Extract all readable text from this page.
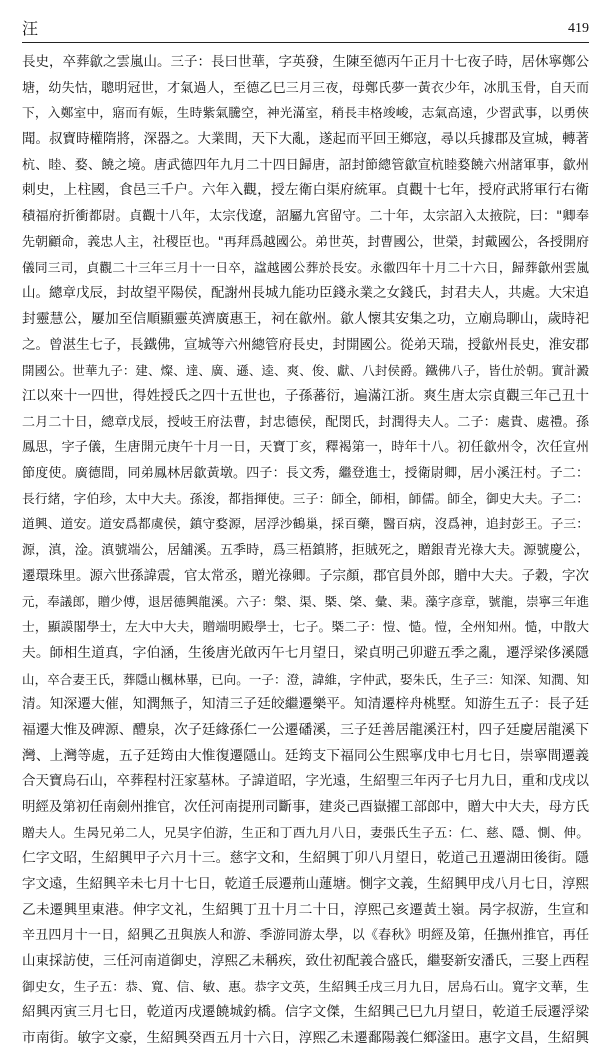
汪	419
長史，卒葬歙之雲嵐山。三子：長曰世華，字英發，生陳至德丙午正月十七夜子時，居休寧鄭公
塘，幼失怙，聰明冠世，才氣過人，至德乙巳三月三夜，母鄭氏夢一黃衣少年，冰肌玉骨，自天而
下，入鄭室中，寤而有娠，生時紫氣騰空，神光滿室，稍長丰格竣峻，志氣高遠，少習武事，以勇俠
聞。叔寶時權隋將，深器之。大業間，天下大亂，遂起而平回王鄉寇，尋以兵據郡及宣城，轉著
杭、睦、婺、饒之境。唐武德四年九月二十四日歸唐，詔封節總管歙宣杭睦婺饒六州諸軍事，歙州
刺史，上柱國，食邑三千户。六年入觀，授左衛白渠府統軍。貞觀十七年，授府武將軍行右衛
積福府折衝都尉。貞觀十八年，太宗伐遼，詔屬九宮留守。二十年，太宗詔入太掖院，曰："卿奉
先朝顧命，義忠人主，社稷臣也。"再拜爲越國公。弟世英，封曹國公，世榮，封戴國公，各授開府
儀同三司，貞觀二十三年三月十一日卒，諡越國公葬於長安。永徽四年十月二十六日，歸葬歙州雲嵐
山。總章戊辰，封故望平陽侯，配謝州長城九能功臣錢永業之女錢氏，封君夫人，共處。大宋追
封靈慧公，屢加至信順顯靈英濟廣惠王，祠在歙州。歙人懷其安集之功，立廟烏聊山，歲時祀
之。曾湛生七子，長鐵佛，宣城等六州總管府長史，封開國公。從弟天瑞，授歙州長史，淮安郡
開國公。世華九子：建、燦、達、廣、遜、逵、爽、俊、獻、八封侯爵。鐵佛八子，皆仕於朝。實計澱
江以來十一四世，得姓授氏之四十五世也，子孫蕃衍，遍滿江浙。爽生唐太宗貞觀三年己丑十
二月二十日，總章戊辰，授岐王府法曹，封忠德侯，配閔氏，封潤得夫人。二子：處貴、處禮。孫
鳳思，字子儀，生唐開元庚午十月一日，天寶丁亥，釋褐第一，時年十八。初任歙州令，次任宣州
節度使。廣德間，同弟鳳林居歙黃墩。四子：長文秀，繼登進士，授衛尉卿，居小溪汪村。子二：
長行緒，字伯珍，太中大夫。孫浚，都指揮使。三子：師全，師相，師儒。師全，御史大夫。子二：
道興、道安。道安爲都虞侯，鎮守婺源，居浮沙鶴巢，採百藥，醫百病，沒爲神，追封彭王。子三：
源，滇，淦。滇號端公，居舖溪。五季時，爲三梧鎮將，拒賊死之，贈銀青光祿大夫。源號慶公，
遷環珠里。源六世孫諱震，官太常丞，贈光祿卿。子宗顏，郡官員外郎，贈中大夫。子穀，字次
元，奉議郎，贈少傅，退居德興龍溪。六子：槃、渠、槩、棨、彙、棐。藻字彦章，號龍，崇寧三年進
士，顯謨閣學士，左大中大夫，贈端明殿學士，七子。槩二子：愷、慥。愷，全州知州。慥，中散大
夫。師相生道真，字伯涵，生後唐光啟丙午七月望日，梁貞明己卯避五季之亂，遷浮梁侈溪隱
山，卒合妻王氏，葬隱山楓林畢，已向。一子：澄，諱維，字仲武，娶朱氏，生子三：知深、知潤、知
清。知深遷大催，知潤無子，知清三子廷皎繼遷樂平。知清遷梓舟桃墅。知游生五子：長子廷
福遷大惟及碑源、醴泉，次子廷緣孫仁一公遷磻溪，三子廷善居龍溪汪村，四子廷慶居龍溪下
灣、上灣等處，五子廷筠由大惟復遷隱山。廷筠支下福同公生熙寧戊申七月七日，崇寧間遷義
合天寶烏石山，卒葬程村汪家墓林。子諱道昭，字光遠，生紹聖三年丙子七月九日，重和戊戌以
明經及第初任南劍州推官，次任河南提刑司斷事，建炎己酉嶽擢工部郎中，贈大中大夫，母方氏
贈夫人。生昺兄弟二人，兄昊字伯游，生正和丁酉九月八日，妻張氏生子五：仁、慈、隱、惻、伸。
仁字文昭，生紹興甲子六月十三。慈字文和，生紹興丁卯八月望日，乾道己丑遷湖田後街。隱
字文遠，生紹興辛未七月十七日，乾道壬辰遷荊山蓮塘。惻字文義，生紹興甲戌八月七日，淳熙
乙未遷興里東港。伸字文礼，生紹興丁丑十月二十日，淳熙己亥遷黃土嶺。昺字叔游，生宣和
辛丑四月十一日，紹興乙丑與族人和游、季游同游太學，以《春秋》明經及第，任撫州推官，再任
山東採訪使，三任河南道御史，淳熙乙未稱疾，致仕初配義合盛氏，繼娶新安潘氏，三娶上西程
御史女，生子五：恭、寬、信、敏、惠。恭字文英，生紹興壬戌三月九日，居烏石山。寬字文華，生
紹興丙寅三月七日，乾道丙戌遷饒城釣橋。信字文傑，生紹興己巳九月望日，乾道壬辰遷浮梁
市南街。敏字文豪，生紹興癸酉五月十六日，淳熙乙未遷鄱陽義仁鄉滏田。惠字文昌，生紹興
